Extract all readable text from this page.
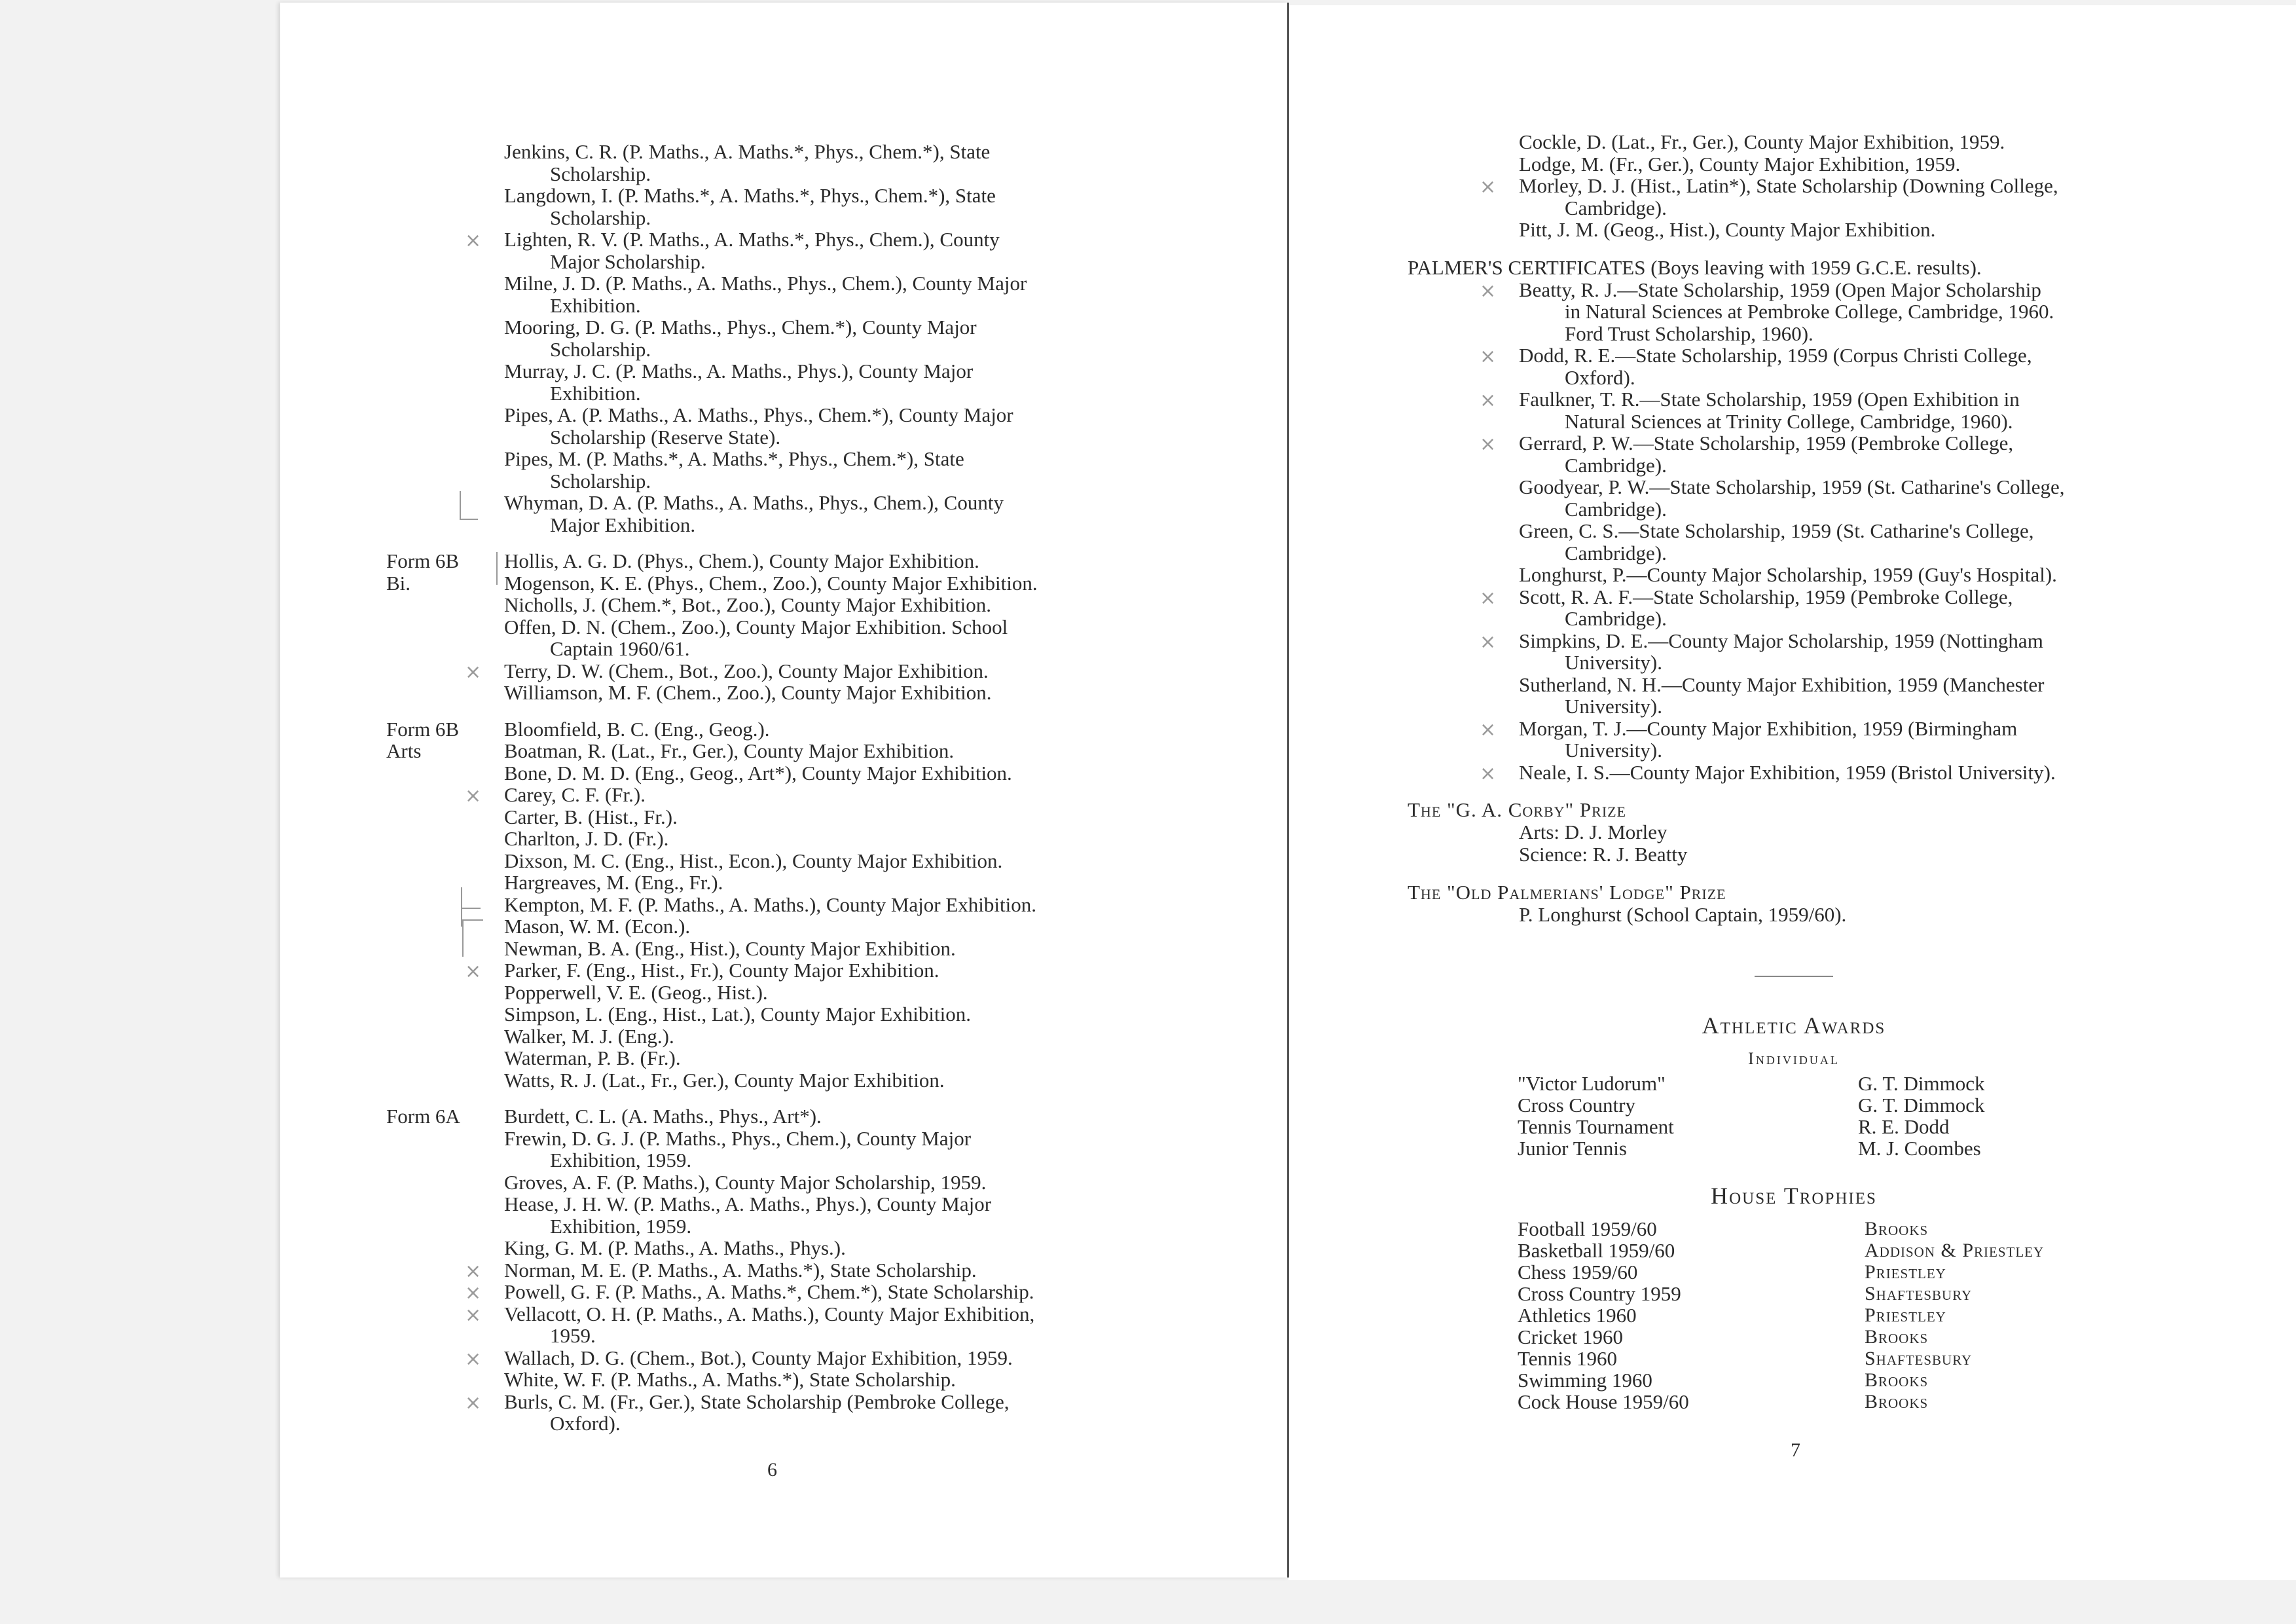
Jenkins, C. R. (P. Maths., A. Maths.*, Phys., Chem.*), State
Scholarship.
Langdown, I. (P. Maths.*, A. Maths.*, Phys., Chem.*), State
Scholarship.
× Lighten, R. V. (P. Maths., A. Maths.*, Phys., Chem.), County
Major Scholarship.
Milne, J. D. (P. Maths., A. Maths., Phys., Chem.), County Major
Exhibition.
Mooring, D. G. (P. Maths., Phys., Chem.*), County Major
Scholarship.
Murray, J. C. (P. Maths., A. Maths., Phys.), County Major
Exhibition.
Pipes, A. (P. Maths., A. Maths., Phys., Chem.*), County Major
Scholarship (Reserve State).
Pipes, M. (P. Maths.*, A. Maths.*, Phys., Chem.*), State
Scholarship.
Whyman, D. A. (P. Maths., A. Maths., Phys., Chem.), County
Major Exhibition.
Form 6B
Bi.
Hollis, A. G. D. (Phys., Chem.), County Major Exhibition.
Mogenson, K. E. (Phys., Chem., Zoo.), County Major Exhibition.
Nicholls, J. (Chem.*, Bot., Zoo.), County Major Exhibition.
Offen, D. N. (Chem., Zoo.), County Major Exhibition. School
Captain 1960/61.
× Terry, D. W. (Chem., Bot., Zoo.), County Major Exhibition.
Williamson, M. F. (Chem., Zoo.), County Major Exhibition.
Form 6B
Arts
Bloomfield, B. C. (Eng., Geog.).
Boatman, R. (Lat., Fr., Ger.), County Major Exhibition.
Bone, D. M. D. (Eng., Geog., Art*), County Major Exhibition.
× Carey, C. F. (Fr.).
Carter, B. (Hist., Fr.).
Charlton, J. D. (Fr.).
Dixson, M. C. (Eng., Hist., Econ.), County Major Exhibition.
Hargreaves, M. (Eng., Fr.).
Kempton, M. F. (P. Maths., A. Maths.), County Major Exhibition.
Mason, W. M. (Econ.).
Newman, B. A. (Eng., Hist.), County Major Exhibition.
× Parker, F. (Eng., Hist., Fr.), County Major Exhibition.
Popperwell, V. E. (Geog., Hist.).
Simpson, L. (Eng., Hist., Lat.), County Major Exhibition.
Walker, M. J. (Eng.).
Waterman, P. B. (Fr.).
Watts, R. J. (Lat., Fr., Ger.), County Major Exhibition.
Form 6A	Burdett, C. L. (A. Maths., Phys., Art*).
Frewin, D. G. J. (P. Maths., Phys., Chem.), County Major
Exhibition, 1959.
Groves, A. F. (P. Maths.), County Major Scholarship, 1959.
Hease, J. H. W. (P. Maths., A. Maths., Phys.), County Major
Exhibition, 1959.
King, G. M. (P. Maths., A. Maths., Phys.).
× Norman, M. E. (P. Maths., A. Maths.*), State Scholarship.
× Powell, G. F. (P. Maths., A. Maths.*, Chem.*), State Scholarship.
× Vellacott, O. H. (P. Maths., A. Maths.), County Major Exhibition,
1959.
× Wallach, D. G. (Chem., Bot.), County Major Exhibition, 1959.
White, W. F. (P. Maths., A. Maths.*), State Scholarship.
× Burls, C. M. (Fr., Ger.), State Scholarship (Pembroke College,
Oxford).
6
Cockle, D. (Lat., Fr., Ger.), County Major Exhibition, 1959.
Lodge, M. (Fr., Ger.), County Major Exhibition, 1959.
× Morley, D. J. (Hist., Latin*), State Scholarship (Downing College,
Cambridge).
Pitt, J. M. (Geog., Hist.), County Major Exhibition.
PALMER'S CERTIFICATES (Boys leaving with 1959 G.C.E. results).
× Beatty, R. J.—State Scholarship, 1959 (Open Major Scholarship
in Natural Sciences at Pembroke College, Cambridge, 1960.
Ford Trust Scholarship, 1960).
× Dodd, R. E.—State Scholarship, 1959 (Corpus Christi College,
Oxford).
× Faulkner, T. R.—State Scholarship, 1959 (Open Exhibition in
Natural Sciences at Trinity College, Cambridge, 1960).
× Gerrard, P. W.—State Scholarship, 1959 (Pembroke College,
Cambridge).
Goodyear, P. W.—State Scholarship, 1959 (St. Catharine's College,
Cambridge).
Green, C. S.—State Scholarship, 1959 (St. Catharine's College,
Cambridge).
Longhurst, P.—County Major Scholarship, 1959 (Guy's Hospital).
× Scott, R. A. F.—State Scholarship, 1959 (Pembroke College,
Cambridge).
× Simpkins, D. E.—County Major Scholarship, 1959 (Nottingham
University).
Sutherland, N. H.—County Major Exhibition, 1959 (Manchester
University).
× Morgan, T. J.—County Major Exhibition, 1959 (Birmingham
University).
× Neale, I. S.—County Major Exhibition, 1959 (Bristol University).
The "G. A. Corby" Prize
Arts: D. J. Morley
Science: R. J. Beatty
The "Old Palmerians' Lodge" Prize
P. Longhurst (School Captain, 1959/60).
Athletic Awards
Individual
"Victor Ludorum"	G. T. Dimmock
Cross Country	G. T. Dimmock
Tennis Tournament	R. E. Dodd
Junior Tennis	M. J. Coombes
House Trophies
Football 1959/60	Brooks
Basketball 1959/60	Addison & Priestley
Chess 1959/60	Priestley
Cross Country 1959	Shaftesbury
Athletics 1960	Priestley
Cricket 1960	Brooks
Tennis 1960	Shaftesbury
Swimming 1960	Brooks
Cock House 1959/60	Brooks
7
